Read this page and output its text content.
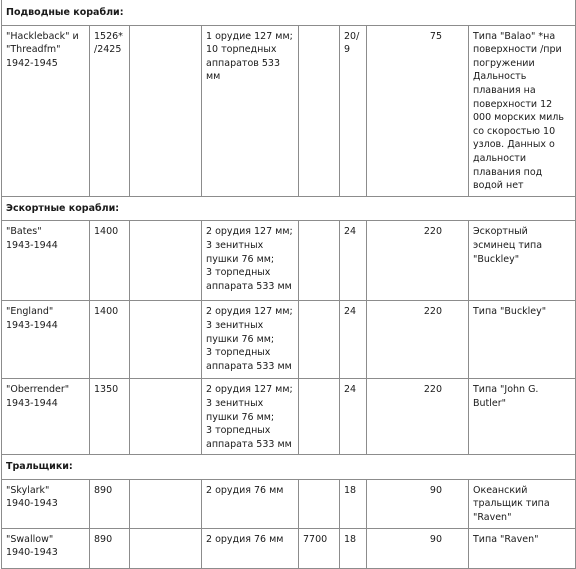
Подводные корабли:							
"Hackleback" и "Threadfm"
1942-1945	1526*
/2425		1 орудие 127 мм;
10 торпедных аппаратов 533 мм		20/ 9	75	Типа "Balao" *на поверхности /при погружении
Дальность плавания на поверхности 12 000 морских миль со скоростью 10 узлов. Данных о дальности плавания под водой нет
Эскортные корабли:							
"Bates"
1943-1944	1400		2 орудия 127 мм;
3 зенитных пушки 76 мм;
3 торпедных аппарата 533 мм		24	220	Эскортный эсминец типа "Buckley"
"England"
1943-1944	1400		2 орудия 127 мм;
3 зенитных пушки 76 мм;
3 торпедных аппарата 533 мм		24	220	Типа "Buckley"
"Oberrender"
1943-1944	1350		2 орудия 127 мм;
3 зенитных пушки 76 мм;
3 торпедных аппарата 533 мм		24	220	Типа "John G. Butler"
Тральщики:							
"Skylark"
1940-1943	890		2 орудия 76 мм		18	90	Океанский тральщик типа "Raven"
"Swallow"
1940-1943	890		2 орудия 76 мм	7700	18	90	Типа "Raven"
